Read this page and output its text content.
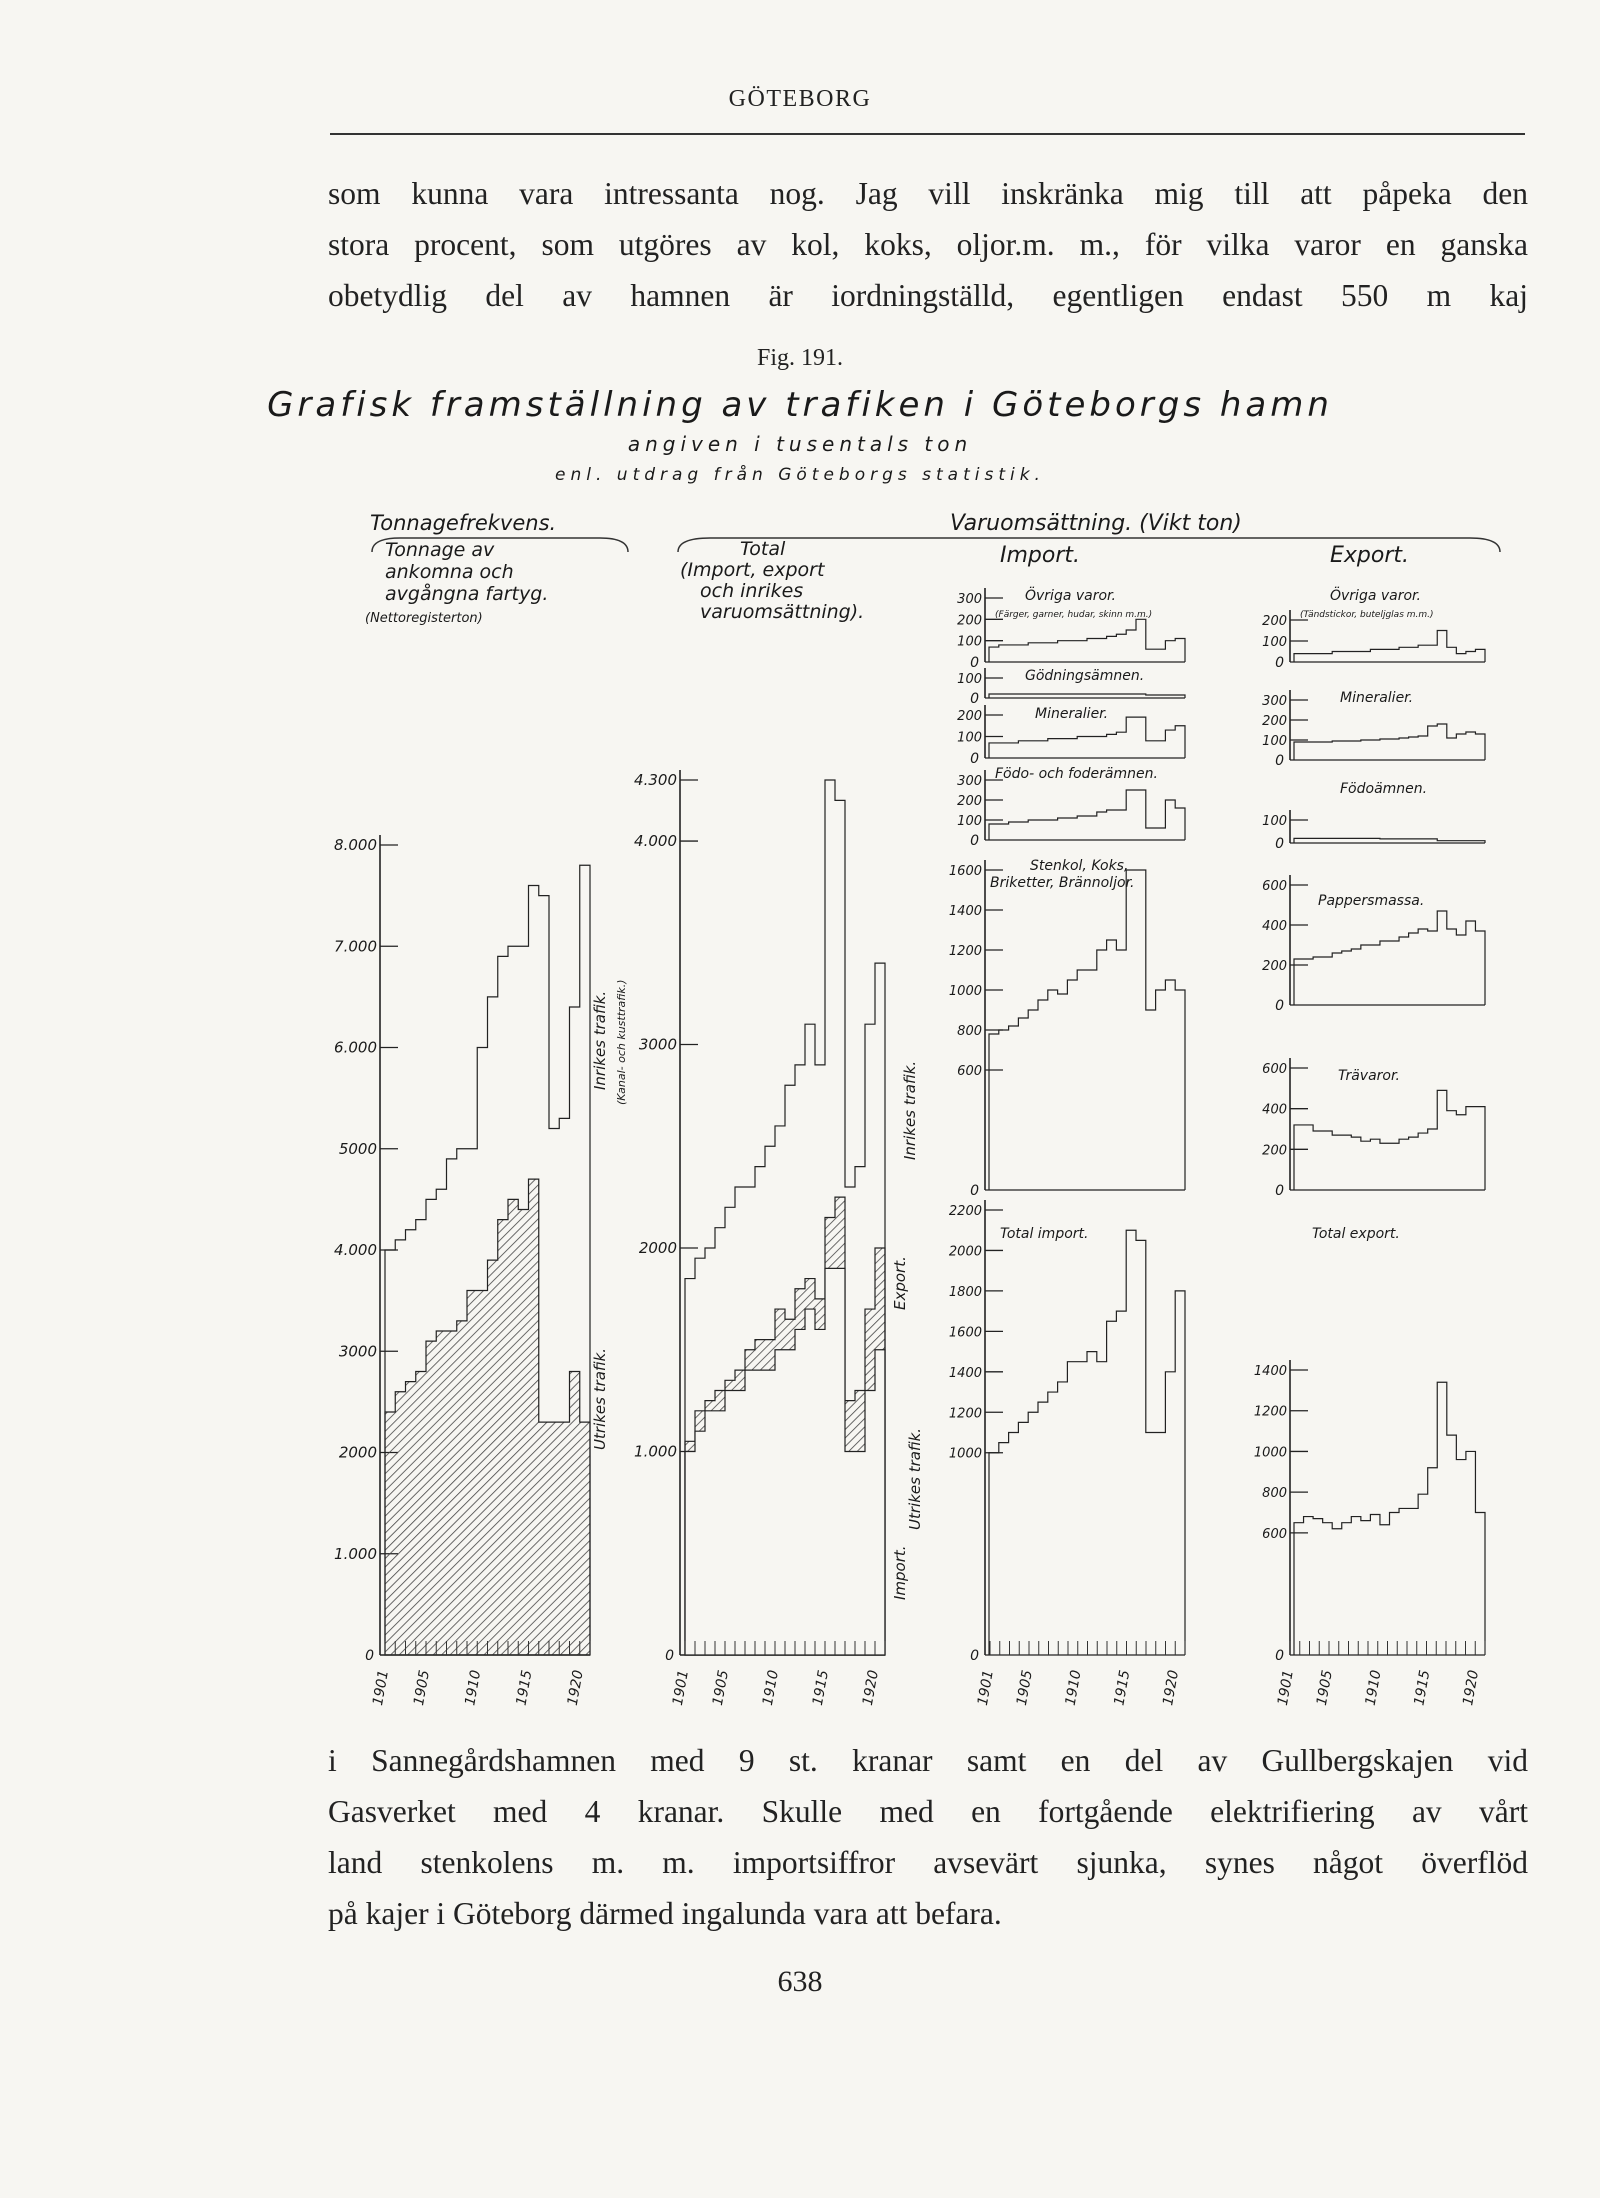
GÖTEBORG
som kunna vara intressanta nog. Jag vill inskränka mig till att påpeka den
stora procent, som utgöres av kol, koks, oljor.m. m., för vilka varor en ganska
obetydlig del av hamnen är iordningställd, egentligen endast 550 m kaj
Fig. 191.
Grafisk framställning av trafiken i Göteborgs hamn
angiven i tusentals ton
enl. utdrag från Göteborgs statistik.
Tonnagefrekvens.	Varuomsättning. (Vikt ton)
Tonnage av
ankomna och
avgångna fartyg.
(Nettoregisterton)
Total
(Import, export
och inrikes
varuomsättning).
Import.	Export.
1.000
2000
3000
4.000
5000
6.000
7.000
8.000
0
1901 1905 1910 1915 1920
Inrikes trafik. (Kanal- och kusttrafik.)
Utrikes trafik.
1.000
2000
3000
4.000
4.300
0
1901 1905 1910 1915 1920
Inrikes trafik.
Export.
Utrikes trafik.
Import.
100
200
300
0
Övriga varor.
(Färger, garner, hudar, skinn m.m.)
100
0
Gödningsämnen.
100
200
0
Mineralier.
100
200
300
0
Födo- och foderämnen.
600
800
1000
1200
1400
1600
0
Stenkol, Koks,
Briketter, Brännoljor.
1000
1200
1400
1600
1800
2000
2200
0
Total import.
1901 1905 1910 1915 1920
100
200
0
Övriga varor.
(Tändstickor, buteljglas m.m.)
100
200
300
0
Mineralier.
100
0
Födoämnen.
200
400
600
0
Pappersmassa.
200
400
600
0
Trävaror.
600
800
1000
1200
1400
0
Total export.
1901 1905 1910 1915 1920
i Sannegårdshamnen med 9 st. kranar samt en del av Gullbergskajen vid
Gasverket med 4 kranar. Skulle med en fortgående elektrifiering av vårt
land stenkolens m. m. importsiffror avsevärt sjunka, synes något överflöd
på kajer i Göteborg därmed ingalunda vara att befara.
638
